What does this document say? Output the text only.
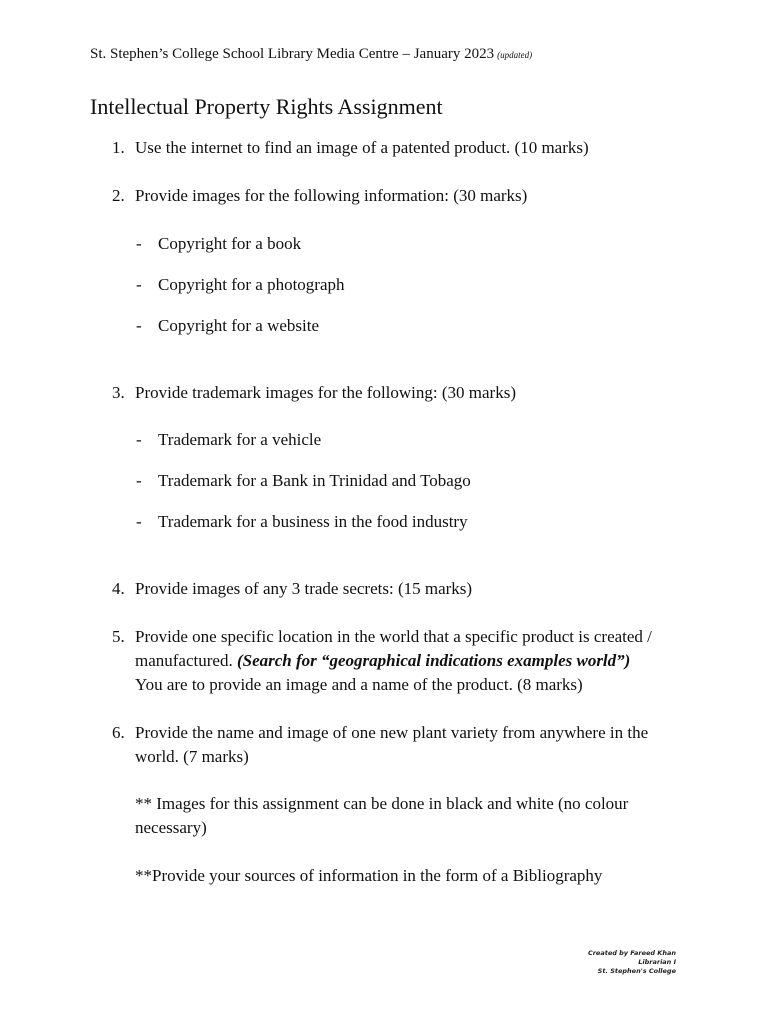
St. Stephen’s College School Library Media Centre – January 2023 (updated)
Intellectual Property Rights Assignment
1. Use the internet to find an image of a patented product. (10 marks)
2. Provide images for the following information: (30 marks)
- Copyright for a book
- Copyright for a photograph
- Copyright for a website
3. Provide trademark images for the following: (30 marks)
- Trademark for a vehicle
- Trademark for a Bank in Trinidad and Tobago
- Trademark for a business in the food industry
4. Provide images of any 3 trade secrets: (15 marks)
5. Provide one specific location in the world that a specific product is created / manufactured. (Search for “geographical indications examples world”)
You are to provide an image and a name of the product. (8 marks)
6. Provide the name and image of one new plant variety from anywhere in the world. (7 marks)
** Images for this assignment can be done in black and white (no colour necessary)
**Provide your sources of information in the form of a Bibliography
Created by Fareed Khan
Librarian I
St. Stephen's College
